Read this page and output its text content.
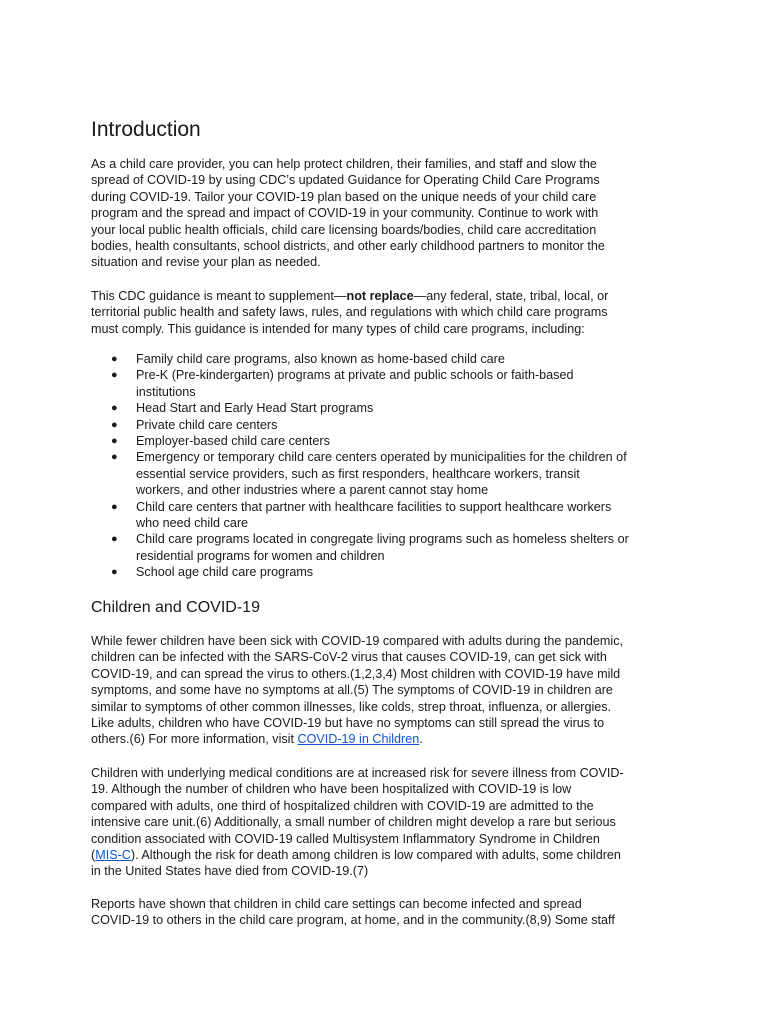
Introduction

As a child care provider, you can help protect children, their families, and staff and slow the
spread of COVID-19 by using CDC’s updated Guidance for Operating Child Care Programs
during COVID-19. Tailor your COVID-19 plan based on the unique needs of your child care
program and the spread and impact of COVID-19 in your community. Continue to work with
your local public health officials, child care licensing boards/bodies, child care accreditation
bodies, health consultants, school districts, and other early childhood partners to monitor the
situation and revise your plan as needed.

This CDC guidance is meant to supplement—not replace—any federal, state, tribal, local, or
territorial public health and safety laws, rules, and regulations with which child care programs
must comply. This guidance is intended for many types of child care programs, including:

● Family child care programs, also known as home-based child care
● Pre-K (Pre-kindergarten) programs at private and public schools or faith-based
institutions
● Head Start and Early Head Start programs
● Private child care centers
● Employer-based child care centers
● Emergency or temporary child care centers operated by municipalities for the children of
essential service providers, such as first responders, healthcare workers, transit
workers, and other industries where a parent cannot stay home
● Child care centers that partner with healthcare facilities to support healthcare workers
who need child care
● Child care programs located in congregate living programs such as homeless shelters or
residential programs for women and children
● School age child care programs
Children and COVID-19

While fewer children have been sick with COVID-19 compared with adults during the pandemic,
children can be infected with the SARS-CoV-2 virus that causes COVID-19, can get sick with
COVID-19, and can spread the virus to others.(1,2,3,4) Most children with COVID-19 have mild
symptoms, and some have no symptoms at all.(5) The symptoms of COVID-19 in children are
similar to symptoms of other common illnesses, like colds, strep throat, influenza, or allergies.
Like adults, children who have COVID-19 but have no symptoms can still spread the virus to
others.(6) For more information, visit COVID-19 in Children.

Children with underlying medical conditions are at increased risk for severe illness from COVID-
19. Although the number of children who have been hospitalized with COVID-19 is low
compared with adults, one third of hospitalized children with COVID-19 are admitted to the
intensive care unit.(6) Additionally, a small number of children might develop a rare but serious
condition associated with COVID-19 called Multisystem Inflammatory Syndrome in Children
(MIS-C). Although the risk for death among children is low compared with adults, some children
in the United States have died from COVID-19.(7)

Reports have shown that children in child care settings can become infected and spread
COVID-19 to others in the child care program, at home, and in the community.(8,9) Some staff
